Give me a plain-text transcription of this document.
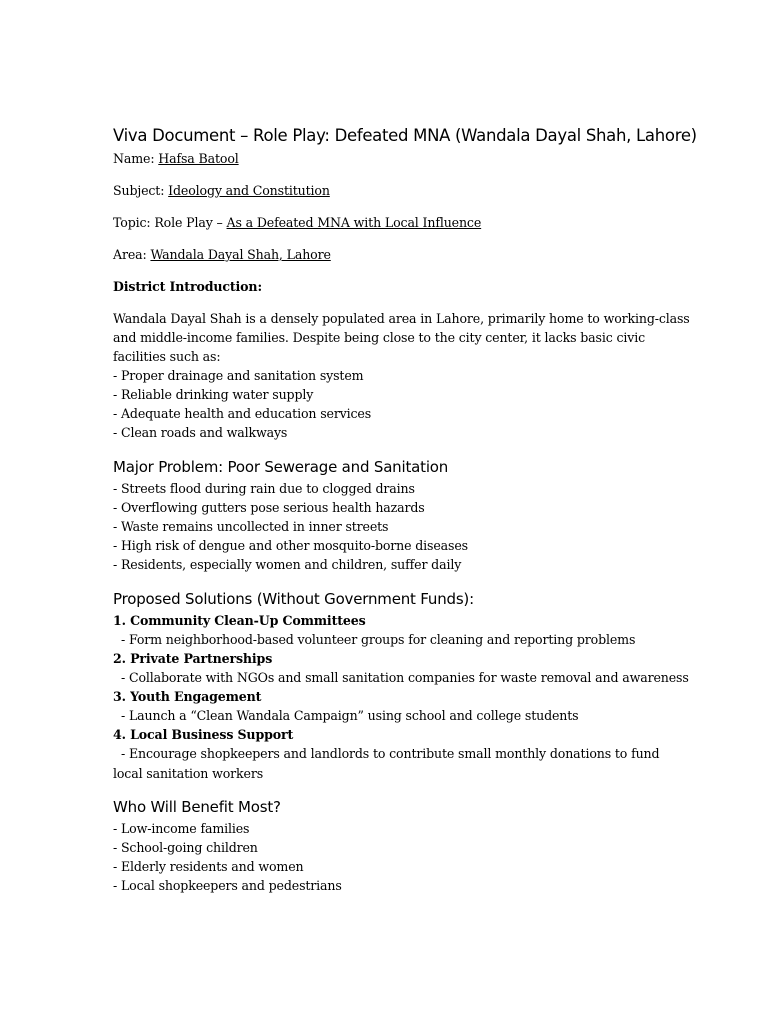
Viva Document – Role Play: Defeated MNA (Wandala Dayal Shah, Lahore)

Name: Hafsa Batool

Subject: Ideology and Constitution

Topic: Role Play – As a Defeated MNA with Local Influence

Area: Wandala Dayal Shah, Lahore

District Introduction:

Wandala Dayal Shah is a densely populated area in Lahore, primarily home to working-class

and middle-income families. Despite being close to the city center, it lacks basic civic

facilities such as:

- Proper drainage and sanitation system

- Reliable drinking water supply

- Adequate health and education services

- Clean roads and walkways

Major Problem: Poor Sewerage and Sanitation

- Streets flood during rain due to clogged drains

- Overflowing gutters pose serious health hazards

- Waste remains uncollected in inner streets

- High risk of dengue and other mosquito-borne diseases

- Residents, especially women and children, suffer daily

Proposed Solutions (Without Government Funds):

1. Community Clean-Up Committees

- Form neighborhood-based volunteer groups for cleaning and reporting problems

2. Private Partnerships

- Collaborate with NGOs and small sanitation companies for waste removal and awareness

3. Youth Engagement

- Launch a “Clean Wandala Campaign” using school and college students

4. Local Business Support

- Encourage shopkeepers and landlords to contribute small monthly donations to fund

local sanitation workers

Who Will Benefit Most?

- Low-income families

- School-going children

- Elderly residents and women

- Local shopkeepers and pedestrians
